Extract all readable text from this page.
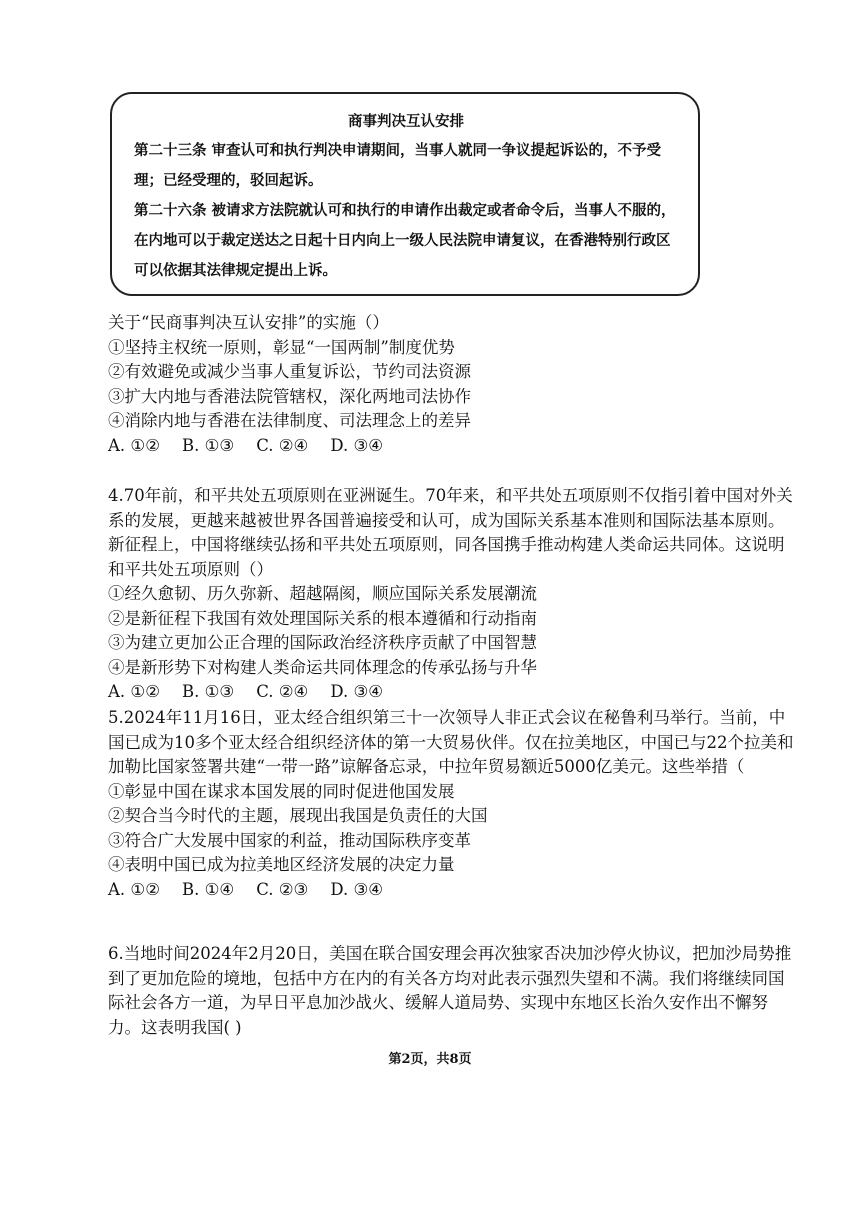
商事判决互认安排

第二十三条 审查认可和执行判决申请期间，当事人就同一争议提起诉讼的，不予受理；已经受理的，驳回起诉。

第二十六条 被请求方法院就认可和执行的申请作出裁定或者命令后，当事人不服的，在内地可以于裁定送达之日起十日内向上一级人民法院申请复议，在香港特别行政区可以依据其法律规定提出上诉。

关于“民商事判决互认安排”的实施（）

①坚持主权统一原则，彰显“一国两制”制度优势

②有效避免或减少当事人重复诉讼，节约司法资源

③扩大内地与香港法院管辖权，深化两地司法协作

④消除内地与香港在法律制度、司法理念上的差异

A. ①② B. ①③ C. ②④ D. ③④

4.70年前，和平共处五项原则在亚洲诞生。70年来，和平共处五项原则不仅指引着中国对外关系的发展，更越来越被世界各国普遍接受和认可，成为国际关系基本准则和国际法基本原则。新征程上，中国将继续弘扬和平共处五项原则，同各国携手推动构建人类命运共同体。这说明和平共处五项原则（）

①经久愈韧、历久弥新、超越隔阂，顺应国际关系发展潮流

②是新征程下我国有效处理国际关系的根本遵循和行动指南

③为建立更加公正合理的国际政治经济秩序贡献了中国智慧

④是新形势下对构建人类命运共同体理念的传承弘扬与升华

A. ①② B. ①③ C. ②④ D. ③④

5.2024年11月16日，亚太经合组织第三十一次领导人非正式会议在秘鲁利马举行。当前，中国已成为10多个亚太经合组织经济体的第一大贸易伙伴。仅在拉美地区，中国已与22个拉美和加勒比国家签署共建“一带一路”谅解备忘录，中拉年贸易额近5000亿美元。这些举措（

①彰显中国在谋求本国发展的同时促进他国发展

②契合当今时代的主题，展现出我国是负责任的大国

③符合广大发展中国家的利益，推动国际秩序变革

④表明中国已成为拉美地区经济发展的决定力量

A. ①② B. ①④ C. ②③ D. ③④

6.当地时间2024年2月20日，美国在联合国安理会再次独家否决加沙停火协议，把加沙局势推到了更加危险的境地，包括中方在内的有关各方均对此表示强烈失望和不满。我们将继续同国际社会各方一道，为早日平息加沙战火、缓解人道局势、实现中东地区长治久安作出不懈努力。这表明我国( )

第2页，共8页
